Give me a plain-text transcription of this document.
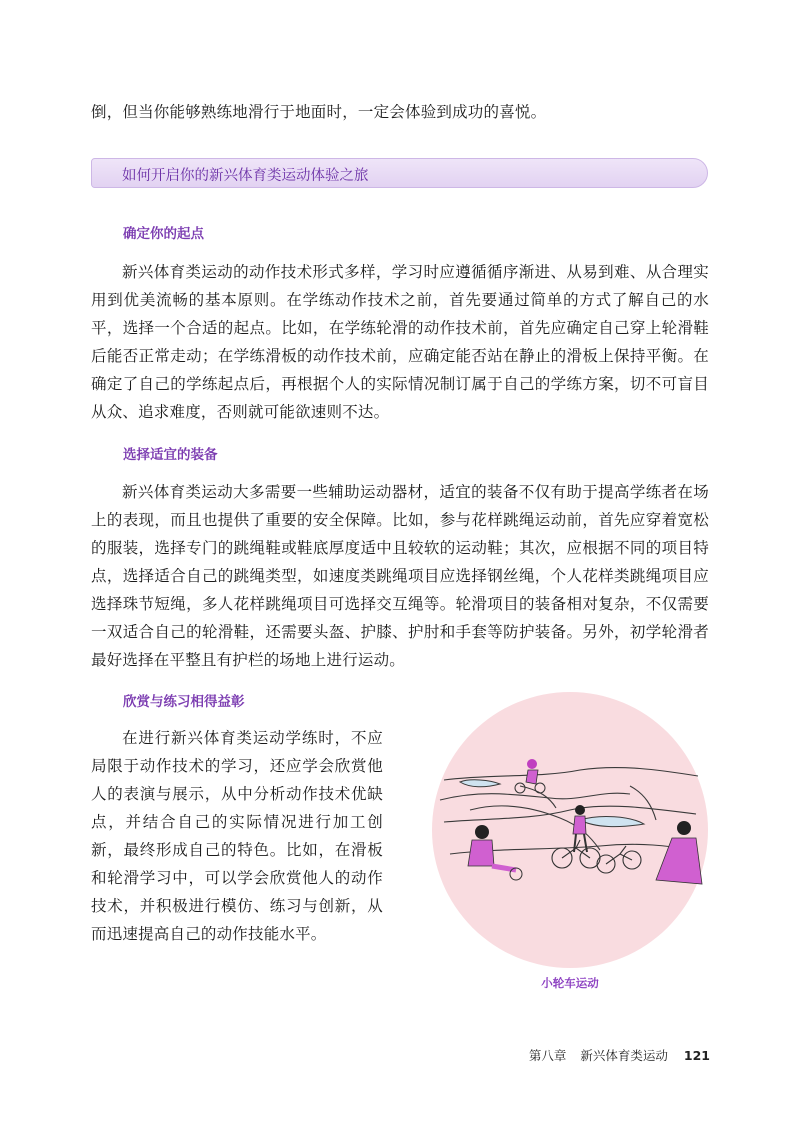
倒，但当你能够熟练地滑行于地面时，一定会体验到成功的喜悦。

如何开启你的新兴体育类运动体验之旅
确定你的起点

新兴体育类运动的动作技术形式多样，学习时应遵循循序渐进、从易到难、从合理实用到优美流畅的基本原则。在学练动作技术之前，首先要通过简单的方式了解自己的水平，选择一个合适的起点。比如，在学练轮滑的动作技术前，首先应确定自己穿上轮滑鞋后能否正常走动；在学练滑板的动作技术前，应确定能否站在静止的滑板上保持平衡。在确定了自己的学练起点后，再根据个人的实际情况制订属于自己的学练方案，切不可盲目从众、追求难度，否则就可能欲速则不达。

选择适宜的装备

新兴体育类运动大多需要一些辅助运动器材，适宜的装备不仅有助于提高学练者在场上的表现，而且也提供了重要的安全保障。比如，参与花样跳绳运动前，首先应穿着宽松的服装，选择专门的跳绳鞋或鞋底厚度适中且较软的运动鞋；其次，应根据不同的项目特点，选择适合自己的跳绳类型，如速度类跳绳项目应选择钢丝绳，个人花样类跳绳项目应选择珠节短绳，多人花样跳绳项目可选择交互绳等。轮滑项目的装备相对复杂，不仅需要一双适合自己的轮滑鞋，还需要头盔、护膝、护肘和手套等防护装备。另外，初学轮滑者最好选择在平整且有护栏的场地上进行运动。

欣赏与练习相得益彰

在进行新兴体育类运动学练时，不应局限于动作技术的学习，还应学会欣赏他人的表演与展示，从中分析动作技术优缺点，并结合自己的实际情况进行加工创新，最终形成自己的特色。比如，在滑板和轮滑学习中，可以学会欣赏他人的动作技术，并积极进行模仿、练习与创新，从而迅速提高自己的动作技能水平。

小轮车运动
第八章 新兴体育类运动 121
